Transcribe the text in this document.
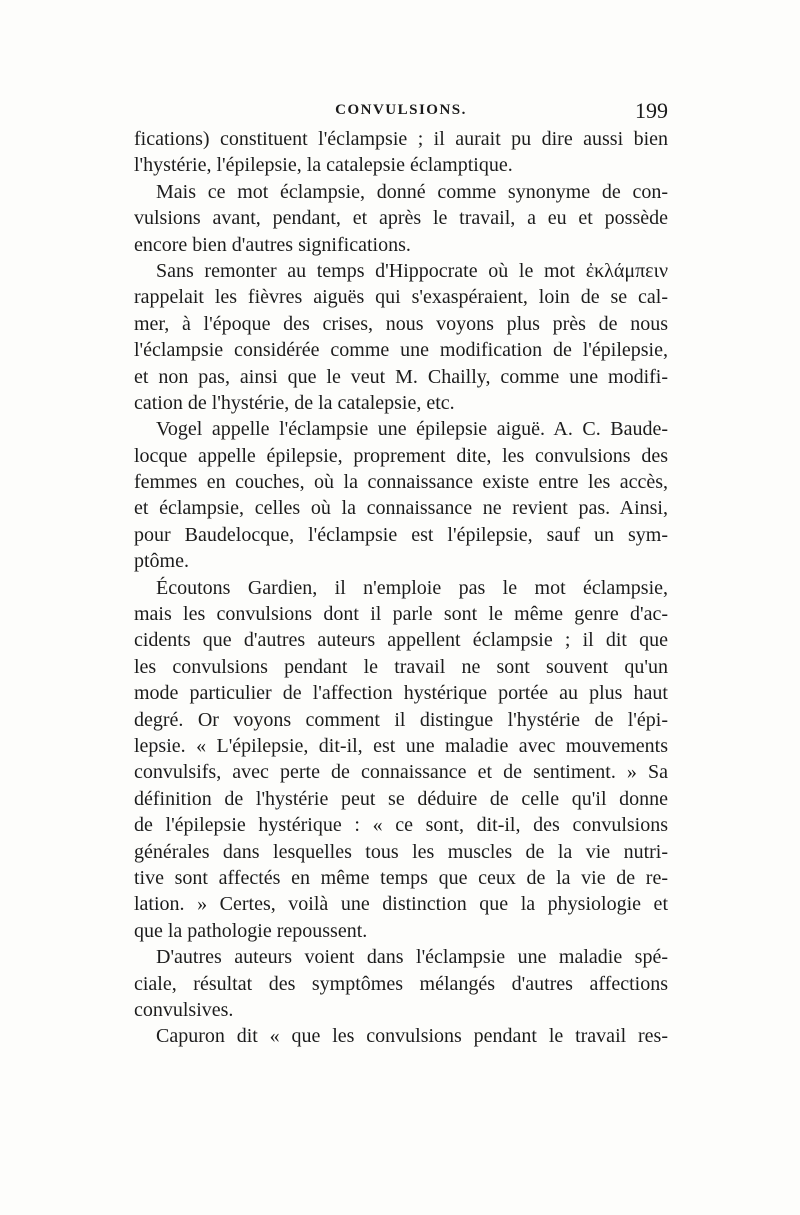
CONVULSIONS.	199
fications) constituent l'éclampsie ; il aurait pu dire aussi bien
l'hystérie, l'épilepsie, la catalepsie éclamptique.
Mais ce mot éclampsie, donné comme synonyme de con-
vulsions avant, pendant, et après le travail, a eu et possède
encore bien d'autres significations.
Sans remonter au temps d'Hippocrate où le mot ἐκλάμπειν
rappelait les fièvres aiguës qui s'exaspéraient, loin de se cal-
mer, à l'époque des crises, nous voyons plus près de nous
l'éclampsie considérée comme une modification de l'épilepsie,
et non pas, ainsi que le veut M. Chailly, comme une modifi-
cation de l'hystérie, de la catalepsie, etc.
Vogel appelle l'éclampsie une épilepsie aiguë. A. C. Baude-
locque appelle épilepsie, proprement dite, les convulsions des
femmes en couches, où la connaissance existe entre les accès,
et éclampsie, celles où la connaissance ne revient pas. Ainsi,
pour Baudelocque, l'éclampsie est l'épilepsie, sauf un sym-
ptôme.
Écoutons Gardien, il n'emploie pas le mot éclampsie,
mais les convulsions dont il parle sont le même genre d'ac-
cidents que d'autres auteurs appellent éclampsie ; il dit que
les convulsions pendant le travail ne sont souvent qu'un
mode particulier de l'affection hystérique portée au plus haut
degré. Or voyons comment il distingue l'hystérie de l'épi-
lepsie. « L'épilepsie, dit-il, est une maladie avec mouvements
convulsifs, avec perte de connaissance et de sentiment. » Sa
définition de l'hystérie peut se déduire de celle qu'il donne
de l'épilepsie hystérique : « ce sont, dit-il, des convulsions
générales dans lesquelles tous les muscles de la vie nutri-
tive sont affectés en même temps que ceux de la vie de re-
lation. » Certes, voilà une distinction que la physiologie et
que la pathologie repoussent.
D'autres auteurs voient dans l'éclampsie une maladie spé-
ciale, résultat des symptômes mélangés d'autres affections
convulsives.
Capuron dit « que les convulsions pendant le travail res-
